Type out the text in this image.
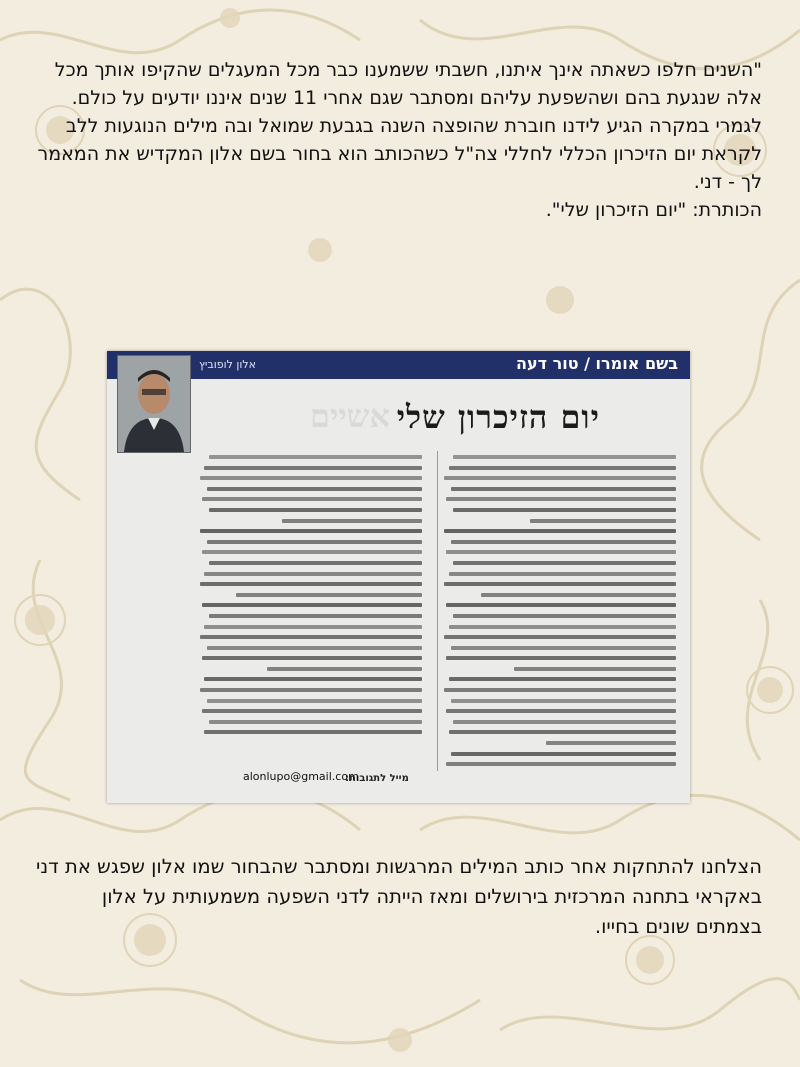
"השנים חלפו כשאתה אינך איתנו, חשבתי ששמענו כבר מכל המעגלים שהקיפו אותך מכל אלה שנגעת בהם ושהשפעת עליהם ומסתבר שגם אחרי 11 שנים איננו יודעים על כולם.

לגמרי במקרה הגיע לידנו חוברת שהופצה השנה בגבעת שמואל ובה מילים הנוגעות ללב לקראת יום הזיכרון הכללי לחללי צה"ל כשהכותב הוא בחור בשם אלון המקדיש את המאמר לך - דני.

הכותרת: "יום הזיכרון שלי".

בשם אומרו / טור דעה
אלון לופוביץ
אשיים יום הזיכרון שלי
מייל לתגובות:
alonlupo@gmail.com

הצלחנו להתחקות אחר כותב המילים המרגשות ומסתבר שהבחור שמו אלון שפגש את דני באקראי בתחנה המרכזית בירושלים ומאז הייתה לדני השפעה משמעותית על אלון בצמתים שונים בחייו.
